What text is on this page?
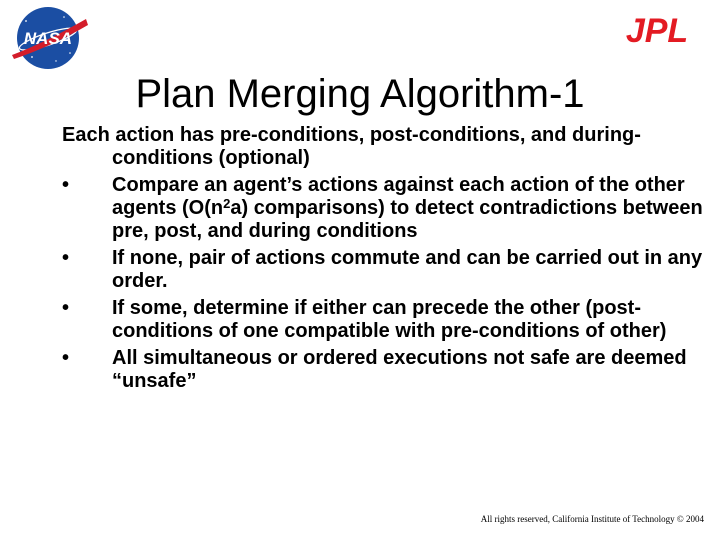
NASA	JPL
Plan Merging Algorithm-1

Each action has pre-conditions, post-conditions, and during-conditions (optional)

•	Compare an agent’s actions against each action of the other agents ($O(n^2a)$ comparisons) to detect contradictions between pre, post, and during conditions
•	If none, pair of actions commute and can be carried out in any order.
•	If some, determine if either can precede the other (post-conditions of one compatible with pre-conditions of other)
•	All simultaneous or ordered executions not safe are deemed “unsafe”
All rights reserved, California Institute of Technology © 2004
